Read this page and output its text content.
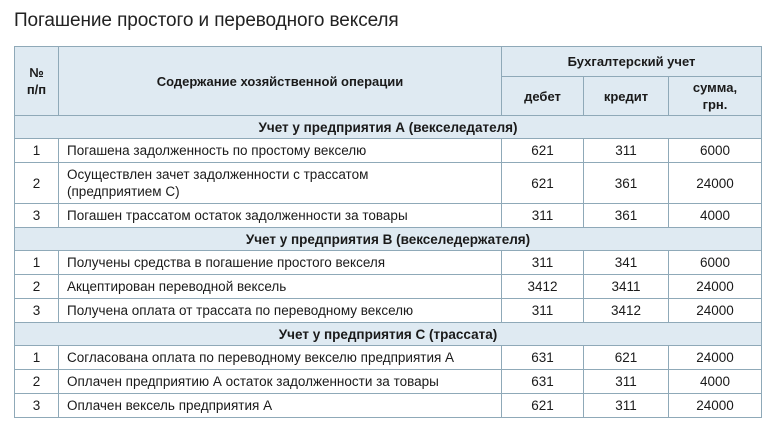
Погашение простого и переводного векселя
№
п/п	Содержание хозяйственной операции	Бухгалтерский учет		
		дебет	кредит	сумма,
грн.
Учет у предприятия А (векселедателя)				
1	Погашена задолженность по простому векселю	621	311	6000
2	Осуществлен зачет задолженности с трассатом
(предприятием С)	621	361	24000
3	Погашен трассатом остаток задолженности за товары	311	361	4000
Учет у предприятия В (векселедержателя)				
1	Получены средства в погашение простого векселя	311	341	6000
2	Акцептирован переводной вексель	3412	3411	24000
3	Получена оплата от трассата по переводному векселю	311	3412	24000
Учет у предприятия С (трассата)				
1	Согласована оплата по переводному векселю предприятия А	631	621	24000
2	Оплачен предприятию А остаток задолженности за товары	631	311	4000
3	Оплачен вексель предприятия А	621	311	24000
